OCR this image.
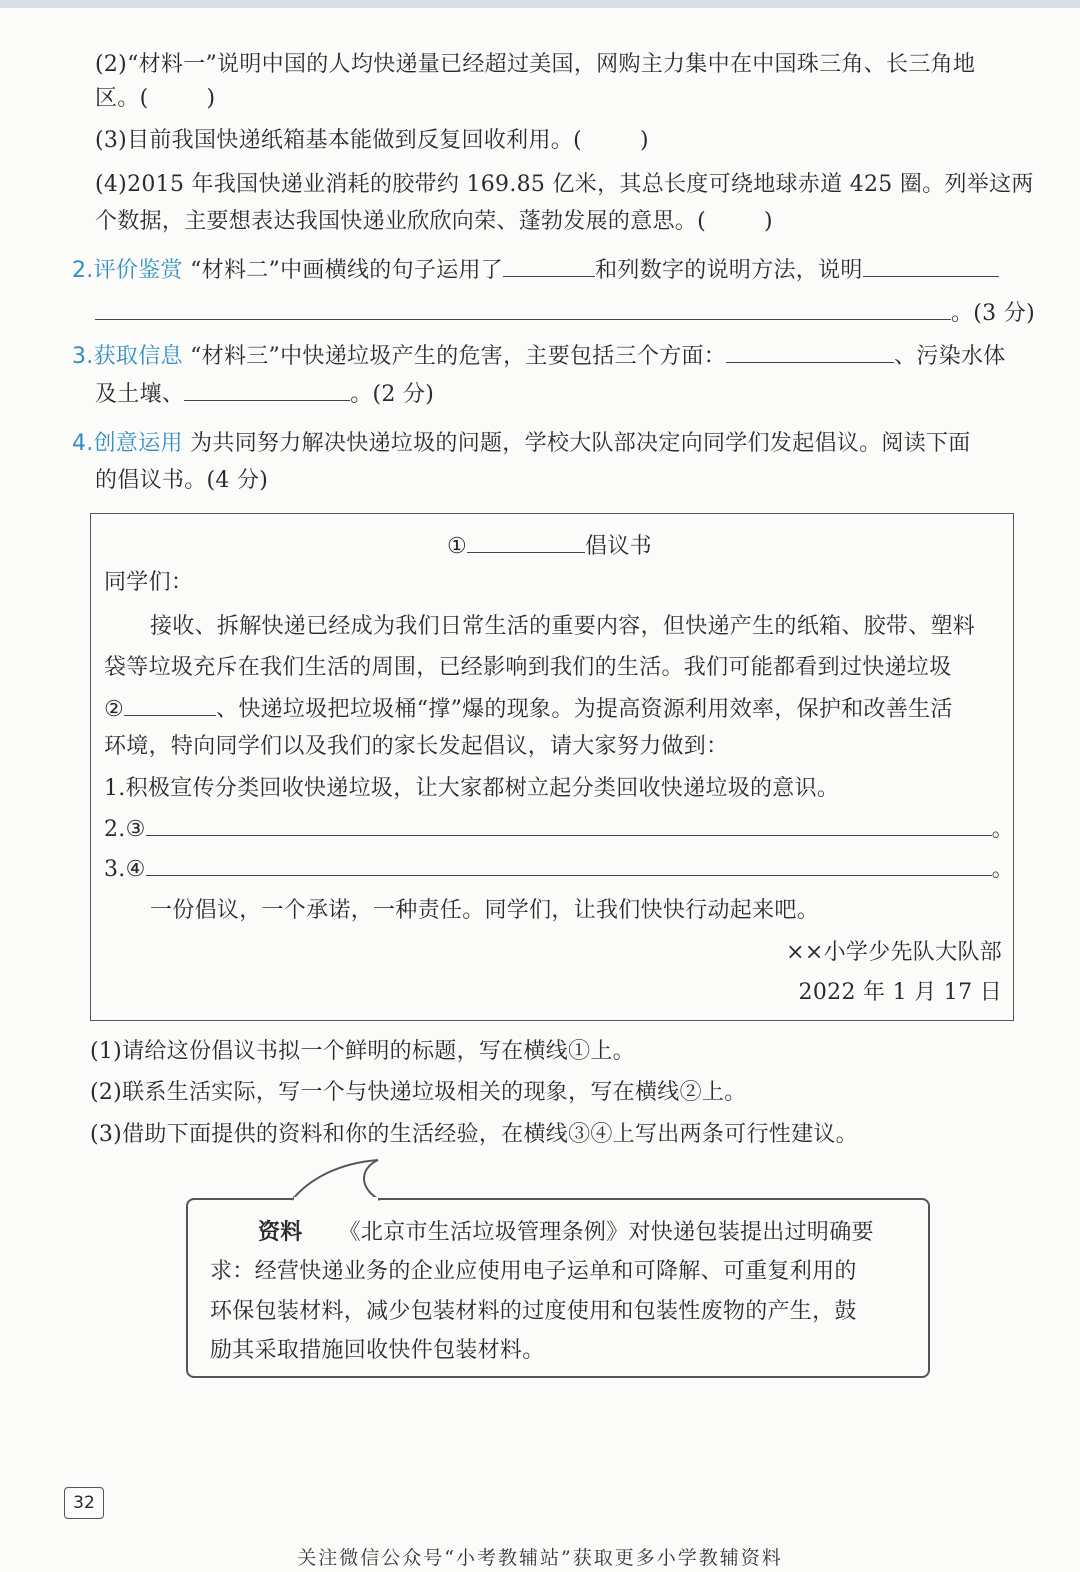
(2)“材料一”说明中国的人均快递量已经超过美国，网购主力集中在中国珠三角、长三角地
区。(	)
(3)目前我国快递纸箱基本能做到反复回收利用。(	)
(4)2015 年我国快递业消耗的胶带约 169.85 亿米，其总长度可绕地球赤道 425 圈。列举这两
个数据，主要想表达我国快递业欣欣向荣、蓬勃发展的意思。(	)
2.评价鉴赏 “材料二”中画横线的句子运用了	和列数字的说明方法，说明
。(3 分)
3.获取信息 “材料三”中快递垃圾产生的危害，主要包括三个方面：	、污染水体
及土壤、	。(2 分)
4.创意运用 为共同努力解决快递垃圾的问题，学校大队部决定向同学们发起倡议。阅读下面
的倡议书。(4 分)
①	倡议书
同学们：
接收、拆解快递已经成为我们日常生活的重要内容，但快递产生的纸箱、胶带、塑料
袋等垃圾充斥在我们生活的周围，已经影响到我们的生活。我们可能都看到过快递垃圾
②	、快递垃圾把垃圾桶“撑”爆的现象。为提高资源利用效率，保护和改善生活
环境，特向同学们以及我们的家长发起倡议，请大家努力做到：
1.积极宣传分类回收快递垃圾，让大家都树立起分类回收快递垃圾的意识。
2.③	。
3.④	。
一份倡议，一个承诺，一种责任。同学们，让我们快快行动起来吧。
××小学少先队大队部
2022 年 1 月 17 日
(1)请给这份倡议书拟一个鲜明的标题，写在横线①上。
(2)联系生活实际，写一个与快递垃圾相关的现象，写在横线②上。
(3)借助下面提供的资料和你的生活经验，在横线③④上写出两条可行性建议。
资料 《北京市生活垃圾管理条例》对快递包装提出过明确要
求：经营快递业务的企业应使用电子运单和可降解、可重复利用的
环保包装材料，减少包装材料的过度使用和包装性废物的产生，鼓
励其采取措施回收快件包装材料。
32
关注微信公众号“小考教辅站”获取更多小学教辅资料
